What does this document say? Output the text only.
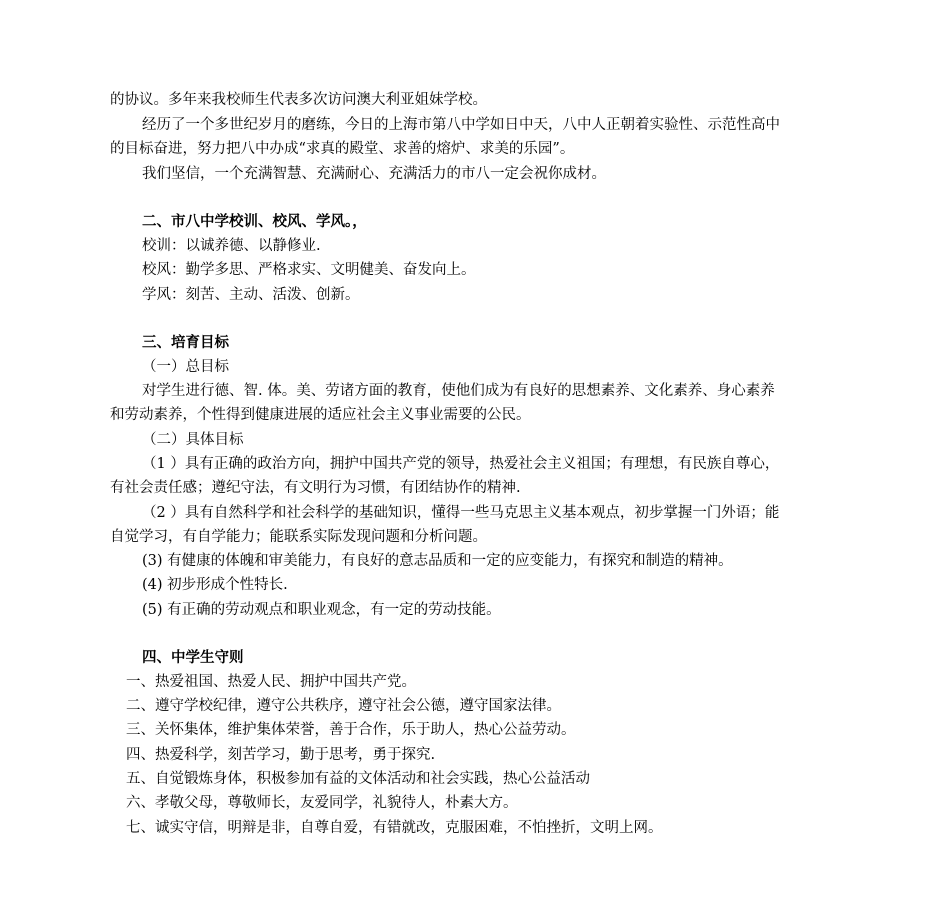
的协议。多年来我校师生代表多次访问澳大利亚姐妹学校。
经历了一个多世纪岁月的磨练，今日的上海市第八中学如日中天，八中人正朝着实验性、示范性高中
的目标奋进，努力把八中办成“求真的殿堂、求善的熔炉、求美的乐园”。
我们坚信，一个充满智慧、充满耐心、充满活力的市八一定会祝你成材。
二、市八中学校训、校风、学风。，
校训：以诚养德、以静修业.
校风：勤学多思、严格求实、文明健美、奋发向上。
学风：刻苦、主动、活泼、创新。
三、培育目标
（一）总目标
对学生进行德、智. 体。美、劳诸方面的教育，使他们成为有良好的思想素养、文化素养、身心素养
和劳动素养，个性得到健康进展的适应社会主义事业需要的公民。
（二）具体目标
（1 ）具有正确的政治方向，拥护中国共产党的领导，热爱社会主义祖国；有理想，有民族自尊心，
有社会责任感；遵纪守法，有文明行为习惯，有团结协作的精神.
（2 ）具有自然科学和社会科学的基础知识，懂得一些马克思主义基本观点，初步掌握一门外语；能
自觉学习，有自学能力；能联系实际发现问题和分析问题。
(3) 有健康的体魄和审美能力，有良好的意志品质和一定的应变能力，有探究和制造的精神。
(4) 初步形成个性特长.
(5) 有正确的劳动观点和职业观念，有一定的劳动技能。
四、中学生守则
一、热爱祖国、热爱人民、拥护中国共产党。
二、遵守学校纪律，遵守公共秩序，遵守社会公德，遵守国家法律。
三、关怀集体，维护集体荣誉，善于合作，乐于助人，热心公益劳动。
四、热爱科学，刻苦学习，勤于思考，勇于探究.
五、自觉锻炼身体，积极参加有益的文体活动和社会实践，热心公益活动
六、孝敬父母，尊敬师长，友爱同学，礼貌待人，朴素大方。
七、诚实守信，明辩是非，自尊自爱，有错就改，克服困难，不怕挫折，文明上网。
